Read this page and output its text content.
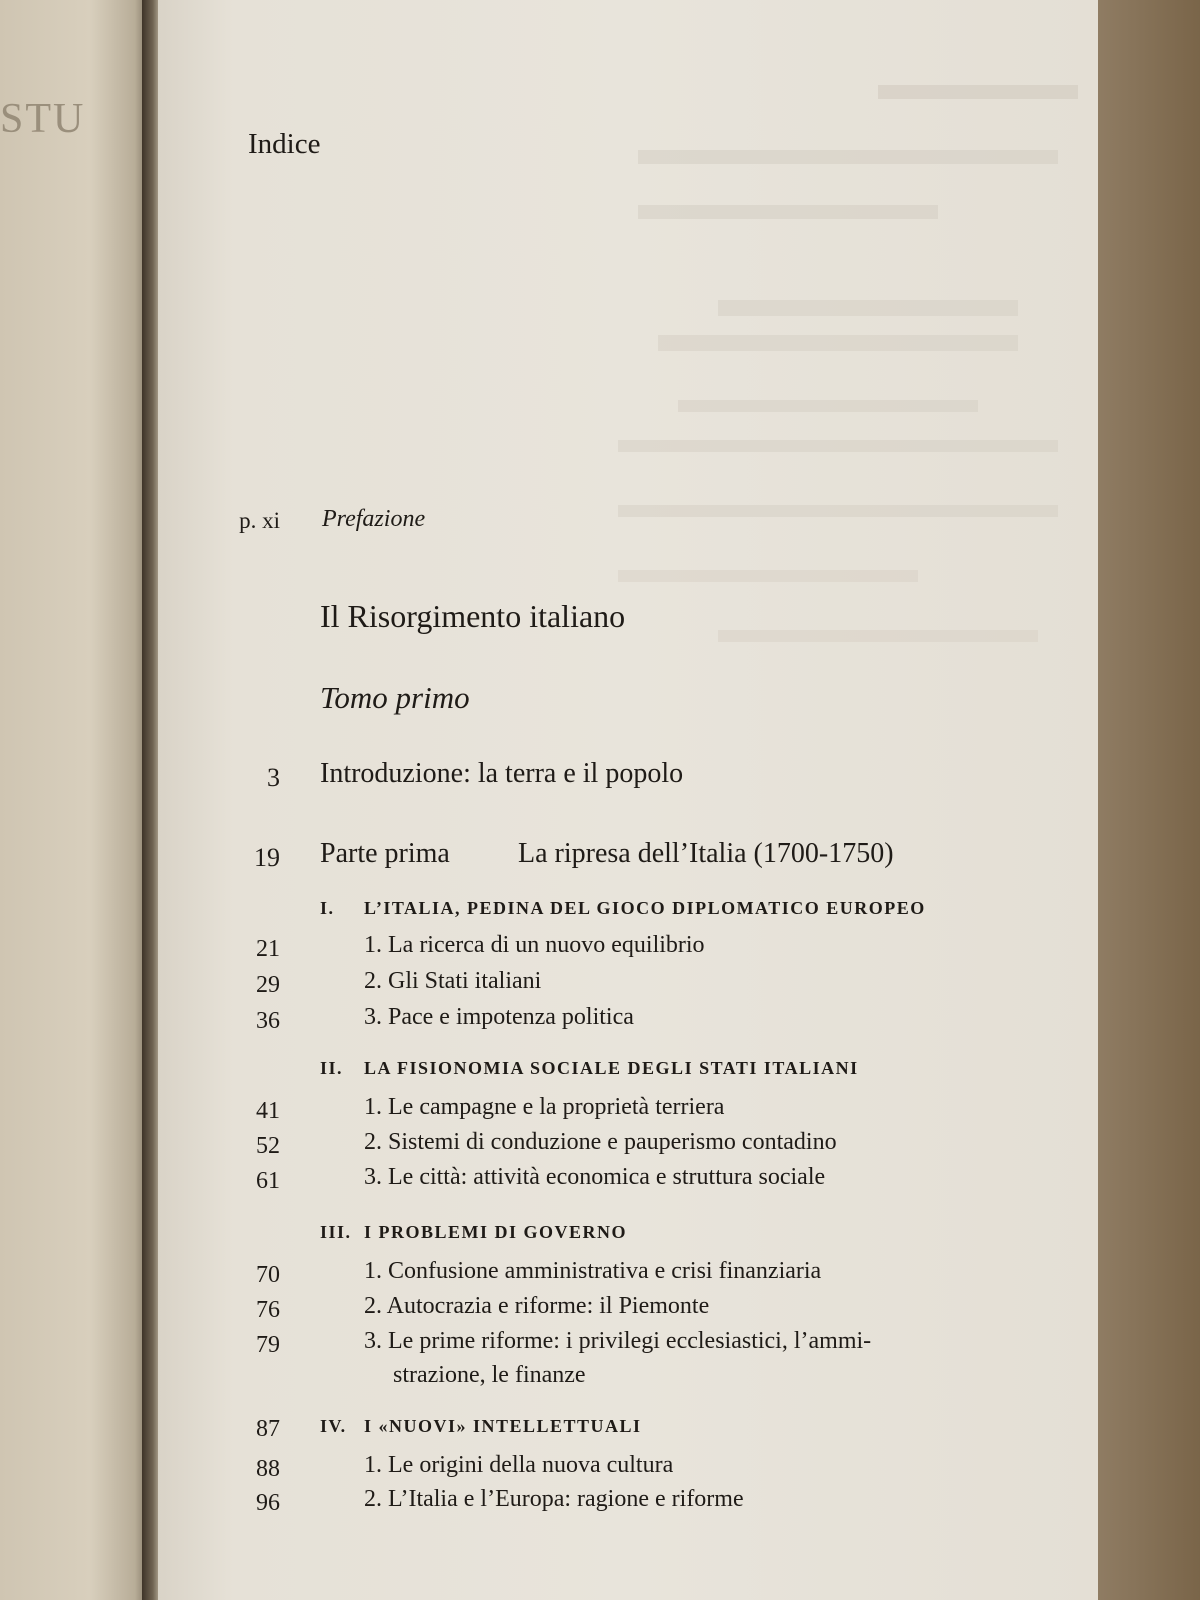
STU
Indice
p. xi Prefazione
Il Risorgimento italiano
Tomo primo
3 Introduzione: la terra e il popolo
19 Parte prima La ripresa dell’Italia (1700-1750)
I. L’ITALIA, PEDINA DEL GIOCO DIPLOMATICO EUROPEO
21	1. La ricerca di un nuovo equilibrio
29	2. Gli Stati italiani
36	3. Pace e impotenza politica
II. LA FISIONOMIA SOCIALE DEGLI STATI ITALIANI
41	1. Le campagne e la proprietà terriera
52	2. Sistemi di conduzione e pauperismo contadino
61	3. Le città: attività economica e struttura sociale
III. I PROBLEMI DI GOVERNO
70	1. Confusione amministrativa e crisi finanziaria
76	2. Autocrazia e riforme: il Piemonte
79	3. Le prime riforme: i privilegi ecclesiastici, l’ammi-
strazione, le finanze
87 IV. I «NUOVI» INTELLETTUALI
88	1. Le origini della nuova cultura
96	2. L’Italia e l’Europa: ragione e riforme
